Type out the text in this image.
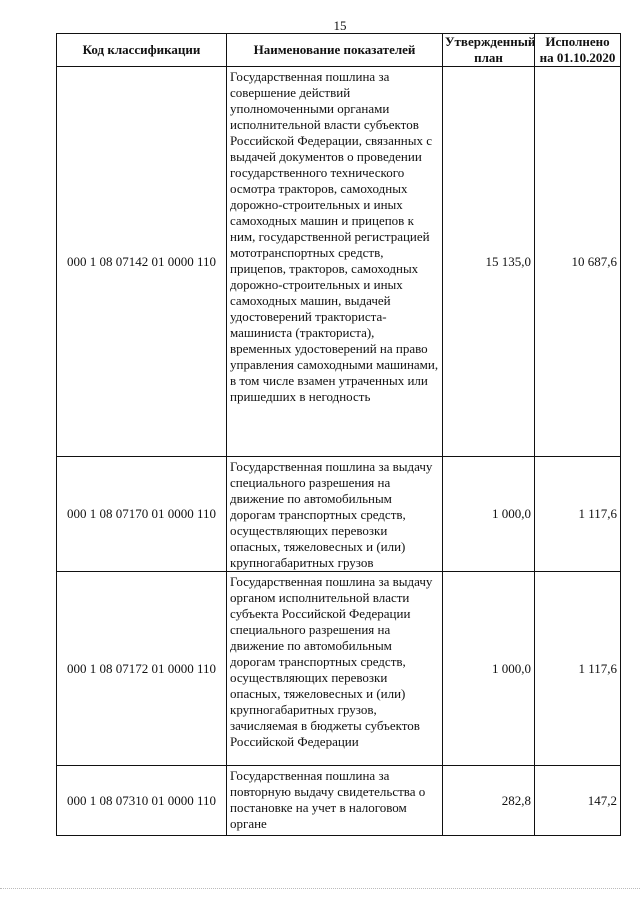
15
Код классификации	Наименование показателей	Утвержденный план	Исполнено на 01.10.2020
000 1 08 07142 01 0000 110	Государственная пошлина за совершение действий уполномоченными органами исполнительной власти субъектов Российской Федерации, связанных с выдачей документов о проведении государственного технического осмотра тракторов, самоходных дорожно-строительных и иных самоходных машин и прицепов к ним, государственной регистрацией мототранспортных средств, прицепов, тракторов, самоходных дорожно-строительных и иных самоходных машин, выдачей удостоверений тракториста-машиниста (тракториста), временных удостоверений на право управления самоходными машинами, в том числе взамен утраченных или пришедших в негодность	15 135,0	10 687,6
000 1 08 07170 01 0000 110	Государственная пошлина за выдачу специального разрешения на движение по автомобильным дорогам транспортных средств, осуществляющих перевозки опасных, тяжеловесных и (или) крупногабаритных грузов	1 000,0	1 117,6
000 1 08 07172 01 0000 110	Государственная пошлина за выдачу органом исполнительной власти субъекта Российской Федерации специального разрешения на движение по автомобильным дорогам транспортных средств, осуществляющих перевозки опасных, тяжеловесных и (или) крупногабаритных грузов, зачисляемая в бюджеты субъектов Российской Федерации	1 000,0	1 117,6
000 1 08 07310 01 0000 110	Государственная пошлина за повторную выдачу свидетельства о постановке на учет в налоговом органе	282,8	147,2
